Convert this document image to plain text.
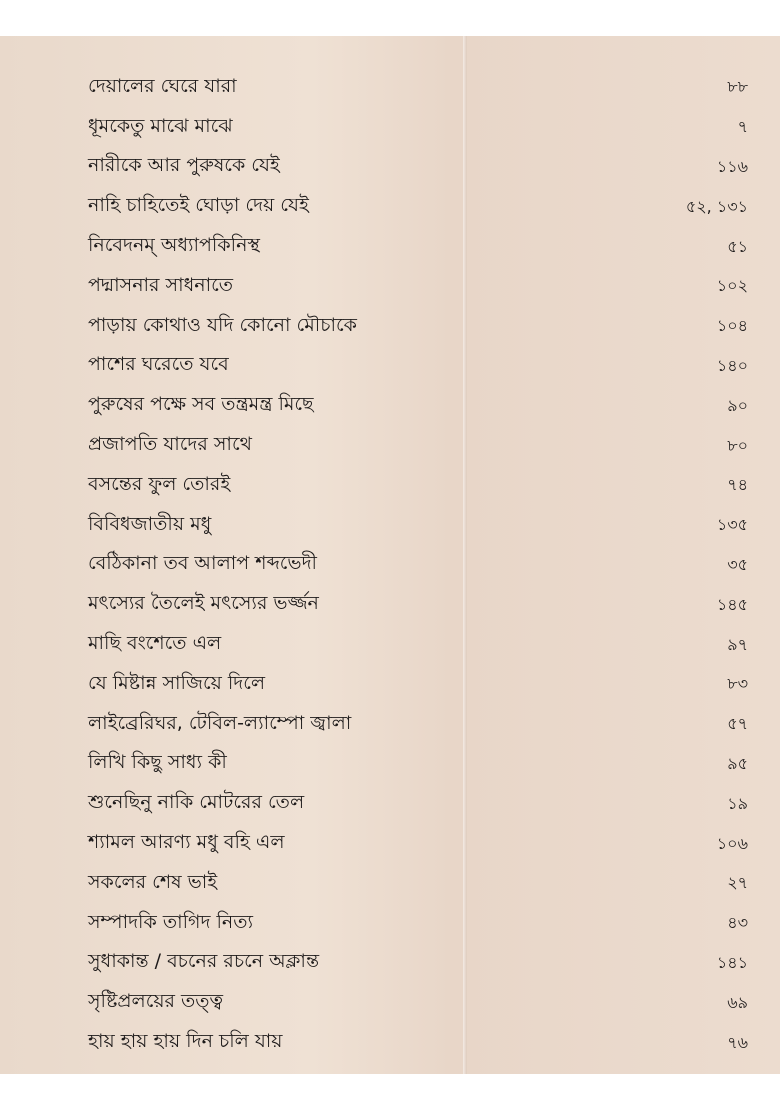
দেয়ালের ঘেরে যারা	৮৮
ধূমকেতু মাঝে মাঝে	৭
নারীকে আর পুরুষকে যেই	১১৬
নাহি চাহিতেই ঘোড়া দেয় যেই	৫২, ১৩১
নিবেদনম্‌ অধ্যাপকিনিস্থ	৫১
পদ্মাসনার সাধনাতে	১০২
পাড়ায় কোথাও যদি কোনো মৌচাকে	১০৪
পাশের ঘরেতে যবে	১৪০
পুরুষের পক্ষে সব তন্ত্রমন্ত্র মিছে	৯০
প্রজাপতি যাদের সাথে	৮০
বসন্তের ফুল তোরই	৭৪
বিবিধজাতীয় মধু	১৩৫
বেঠিকানা তব আলাপ শব্দভেদী	৩৫
মৎস্যের তৈলেই মৎস্যের ভর্জ্জন	১৪৫
মাছি বংশেতে এল	৯৭
যে মিষ্টান্ন সাজিয়ে দিলে	৮৩
লাইব্রেরিঘর, টেবিল-ল্যাম্পো জ্বালা	৫৭
লিখি কিছু সাধ্য কী	৯৫
শুনেছিনু নাকি মোটরের তেল	১৯
শ্যামল আরণ্য মধু বহি এল	১০৬
সকলের শেষ ভাই	২৭
সম্পাদকি তাগিদ নিত্য	৪৩
সুধাকান্ত / বচনের রচনে অক্লান্ত	১৪১
সৃষ্টিপ্রলয়ের তত্ত্ব	৬৯
হায় হায় হায় দিন চলি যায়	৭৬
